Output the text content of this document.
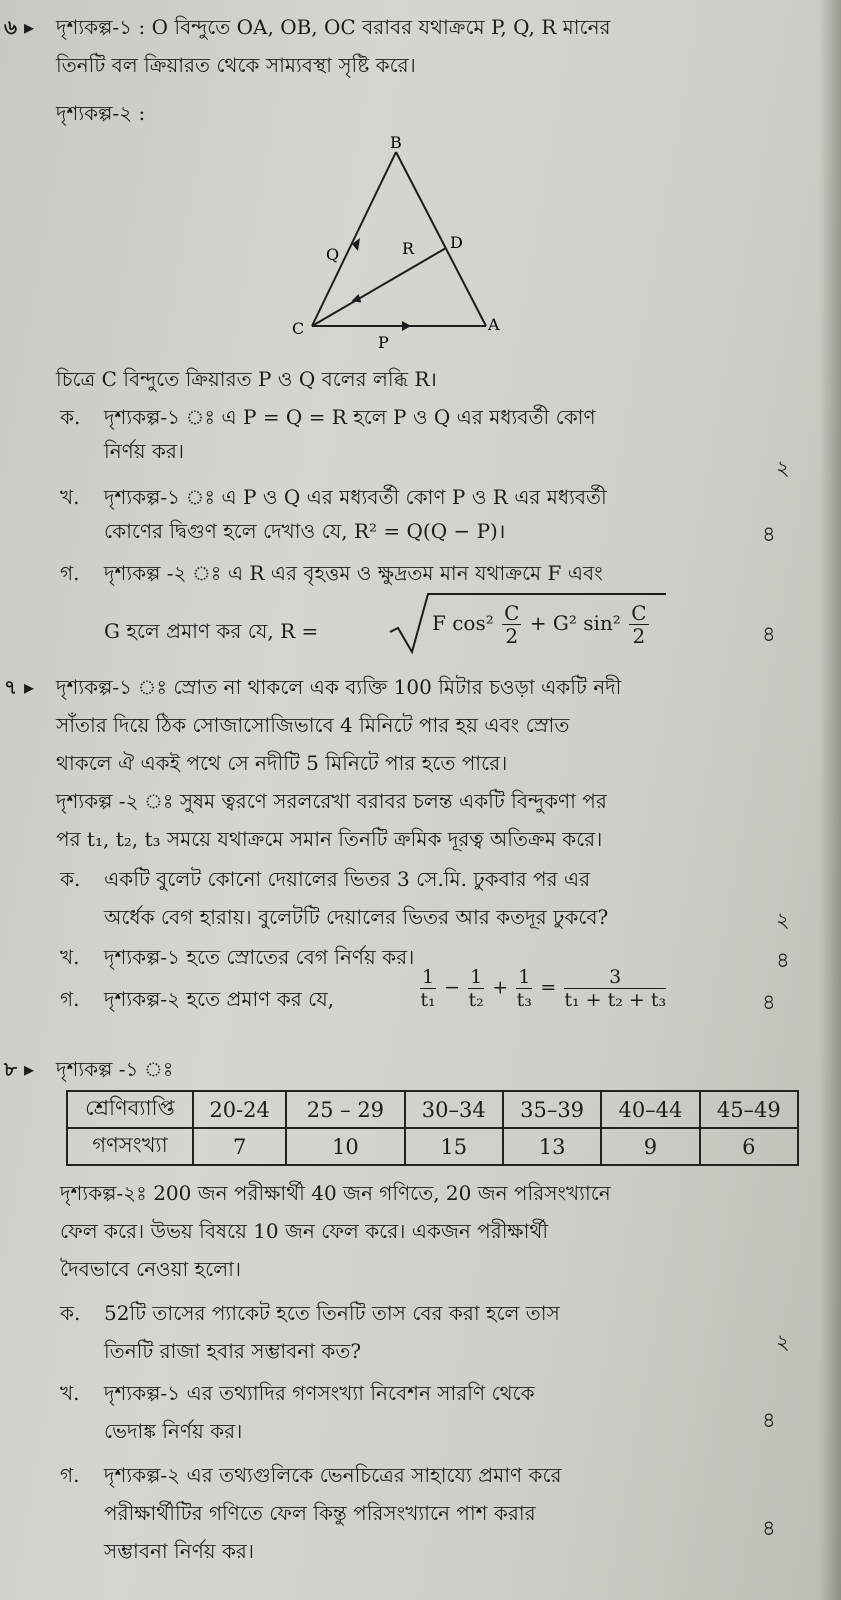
৬ ▸ দৃশ্যকল্প-১ : O বিন্দুতে OA, OB, OC বরাবর যথাক্রমে P, Q, R মানের
তিনটি বল ক্রিয়ারত থেকে সাম্যবস্থা সৃষ্টি করে।
দৃশ্যকল্প-২ :
B
Q	R D
C
P
A
চিত্রে C বিন্দুতে ক্রিয়ারত P ও Q বলের লব্ধি R।
ক. দৃশ্যকল্প-১ ঃ এ P = Q = R হলে P ও Q এর মধ্যবর্তী কোণ
নির্ণয় কর।
২
খ. দৃশ্যকল্প-১ ঃ এ P ও Q এর মধ্যবর্তী কোণ P ও R এর মধ্যবর্তী
কোণের দ্বিগুণ হলে দেখাও যে, R² = Q(Q − P)।	৪
গ. দৃশ্যকল্প -২ ঃ এ R এর বৃহত্তম ও ক্ষুদ্রতম মান যথাক্রমে F এবং
G হলে প্রমাণ কর যে, R =	F $\cos^2 \frac{C}{2} + G^2$ $\sin^2 \frac{C}{2}$	৪
৭ ▸ দৃশ্যকল্প-১ ঃ স্রোত না থাকলে এক ব্যক্তি 100 মিটার চওড়া একটি নদী
সাঁতার দিয়ে ঠিক সোজাসোজিভাবে 4 মিনিটে পার হয় এবং স্রোত
থাকলে ঐ একই পথে সে নদীটি 5 মিনিটে পার হতে পারে।
দৃশ্যকল্প -২ ঃ সুষম ত্বরণে সরলরেখা বরাবর চলন্ত একটি বিন্দুকণা পর
পর t₁, t₂, t₃ সময়ে যথাক্রমে সমান তিনটি ক্রমিক দূরত্ব অতিক্রম করে।
ক. একটি বুলেট কোনো দেয়ালের ভিতর 3 সে.মি. ঢুকবার পর এর
অর্ধেক বেগ হারায়। বুলেটটি দেয়ালের ভিতর আর কতদূর ঢুকবে?	২
খ. দৃশ্যকল্প-১ হতে স্রোতের বেগ নির্ণয় কর।	৪
গ. দৃশ্যকল্প-২ হতে প্রমাণ কর যে,	$\frac{1}{\text{t₁}} - \frac{1}{\text{t₂}} + \frac{1}{\text{t₃}} = \frac{3}{\text{t₁ + t₂ + t₃}}$	৪
৮ ▸ দৃশ্যকল্প -১ ঃ
শ্রেণিব্যাপ্তি	20-24	25 – 29	30–34	35–39	40–44	45–49
গণসংখ্যা	7	10	15	13	9	6
দৃশ্যকল্প-২ঃ 200 জন পরীক্ষার্থী 40 জন গণিতে, 20 জন পরিসংখ্যানে
ফেল করে। উভয় বিষয়ে 10 জন ফেল করে। একজন পরীক্ষার্থী
দৈবভাবে নেওয়া হলো।
ক. 52টি তাসের প্যাকেট হতে তিনটি তাস বের করা হলে তাস
তিনটি রাজা হবার সম্ভাবনা কত?	২
খ. দৃশ্যকল্প-১ এর তথ্যাদির গণসংখ্যা নিবেশন সারণি থেকে
ভেদাঙ্ক নির্ণয় কর।	৪
গ. দৃশ্যকল্প-২ এর তথ্যগুলিকে ভেনচিত্রের সাহায্যে প্রমাণ করে
পরীক্ষার্থীটির গণিতে ফেল কিন্তু পরিসংখ্যানে পাশ করার
সম্ভাবনা নির্ণয় কর।
৪
